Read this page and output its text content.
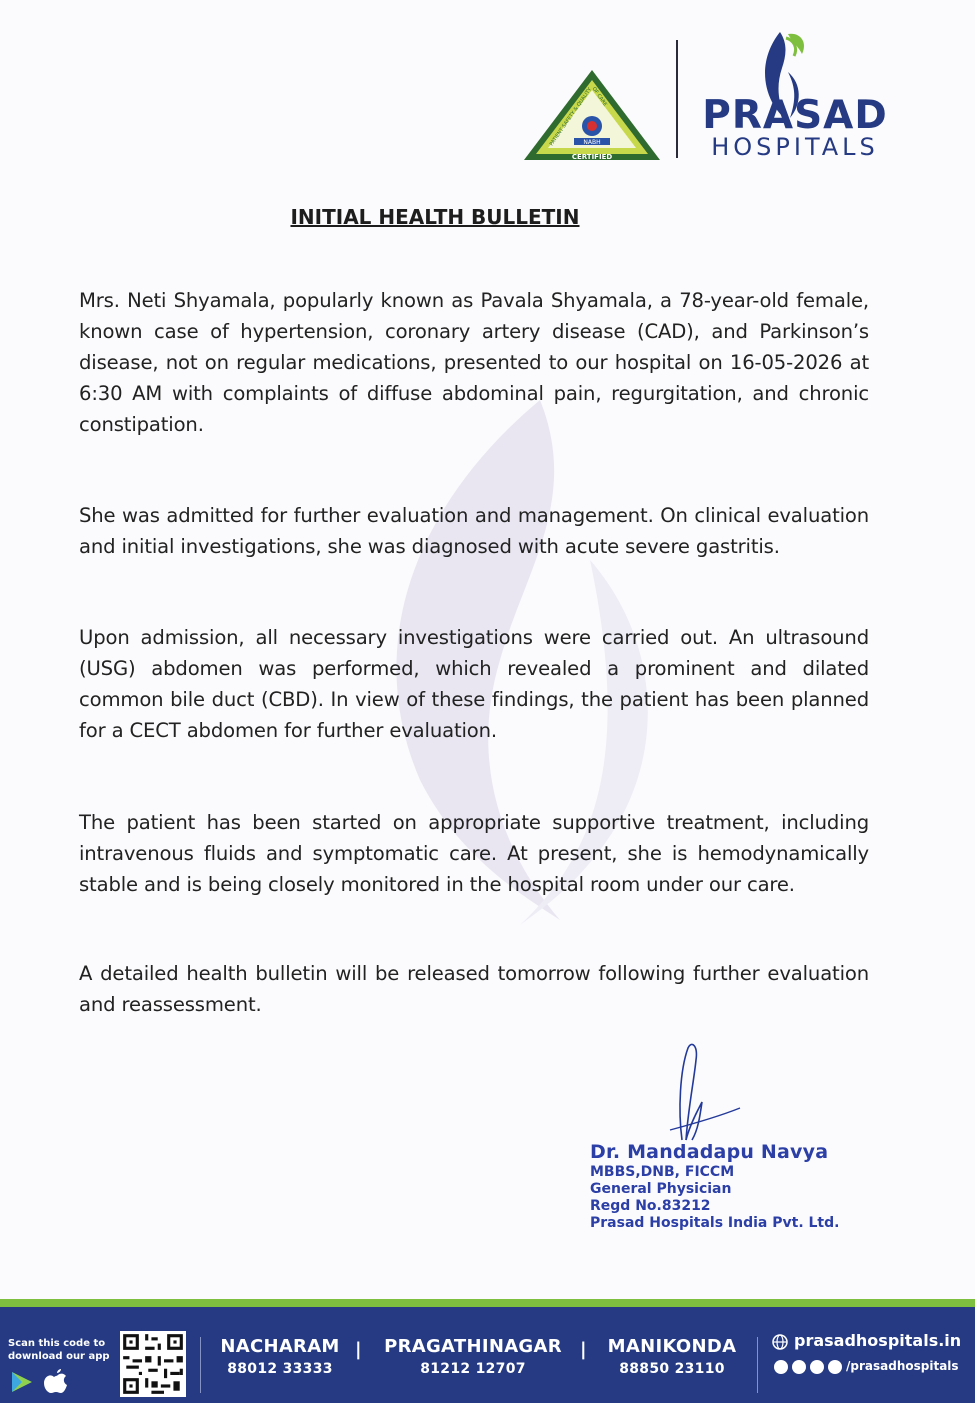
NABH
CERTIFIED
PATIENT SAFETY & QUALITY OF CARE PRASAD
HOSPITALS
INITIAL HEALTH BULLETIN
Mrs. Neti Shyamala, popularly known as Pavala Shyamala, a 78-year-old female, known case of hypertension, coronary artery disease (CAD), and Parkinson’s disease, not on regular medications, presented to our hospital on 16-05-2026 at 6:30 AM with complaints of diffuse abdominal pain, regurgitation, and chronic constipation.
She was admitted for further evaluation and management. On clinical evaluation and initial investigations, she was diagnosed with acute severe gastritis.
Upon admission, all necessary investigations were carried out. An ultrasound (USG) abdomen was performed, which revealed a prominent and dilated common bile duct (CBD). In view of these findings, the patient has been planned for a CECT abdomen for further evaluation.
The patient has been started on appropriate supportive treatment, including intravenous fluids and symptomatic care. At present, she is hemodynamically stable and is being closely monitored in the hospital room under our care.
A detailed health bulletin will be released tomorrow following further evaluation and reassessment.
Dr. Mandadapu Navya
MBBS,DNB, FICCM
General Physician
Regd No.83212
Prasad Hospitals India Pvt. Ltd.
Scan this code to download our app	NACHARAM
88012 33333
|	PRAGATHINAGAR
81212 12707
|	MANIKONDA
88850 23110
prasadhospitals.in
/prasadhospitals
